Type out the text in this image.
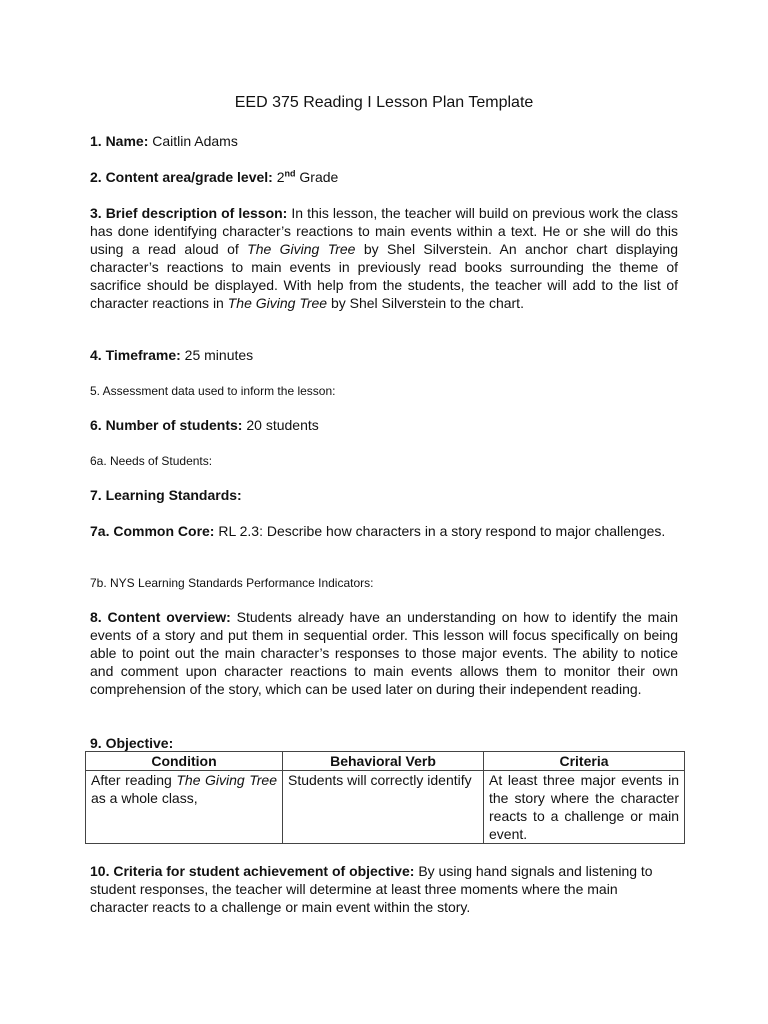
EED 375 Reading I Lesson Plan Template
1. Name: Caitlin Adams
2. Content area/grade level: 2nd Grade
3. Brief description of lesson: In this lesson, the teacher will build on previous work the class has done identifying character’s reactions to main events within a text. He or she will do this using a read aloud of The Giving Tree by Shel Silverstein. An anchor chart displaying character’s reactions to main events in previously read books surrounding the theme of sacrifice should be displayed. With help from the students, the teacher will add to the list of character reactions in The Giving Tree by Shel Silverstein to the chart.
4. Timeframe: 25 minutes
5. Assessment data used to inform the lesson:
6. Number of students: 20 students
6a. Needs of Students:
7. Learning Standards:
7a. Common Core: RL 2.3: Describe how characters in a story respond to major challenges.
7b. NYS Learning Standards Performance Indicators:
8. Content overview: Students already have an understanding on how to identify the main events of a story and put them in sequential order. This lesson will focus specifically on being able to point out the main character’s responses to those major events. The ability to notice and comment upon character reactions to main events allows them to monitor their own comprehension of the story, which can be used later on during their independent reading.
9. Objective:
Condition	Behavioral Verb	Criteria
After reading The Giving Tree as a whole class,	Students will correctly identify	At least three major events in the story where the character reacts to a challenge or main event.
10. Criteria for student achievement of objective: By using hand signals and listening to student responses, the teacher will determine at least three moments where the main character reacts to a challenge or main event within the story.
